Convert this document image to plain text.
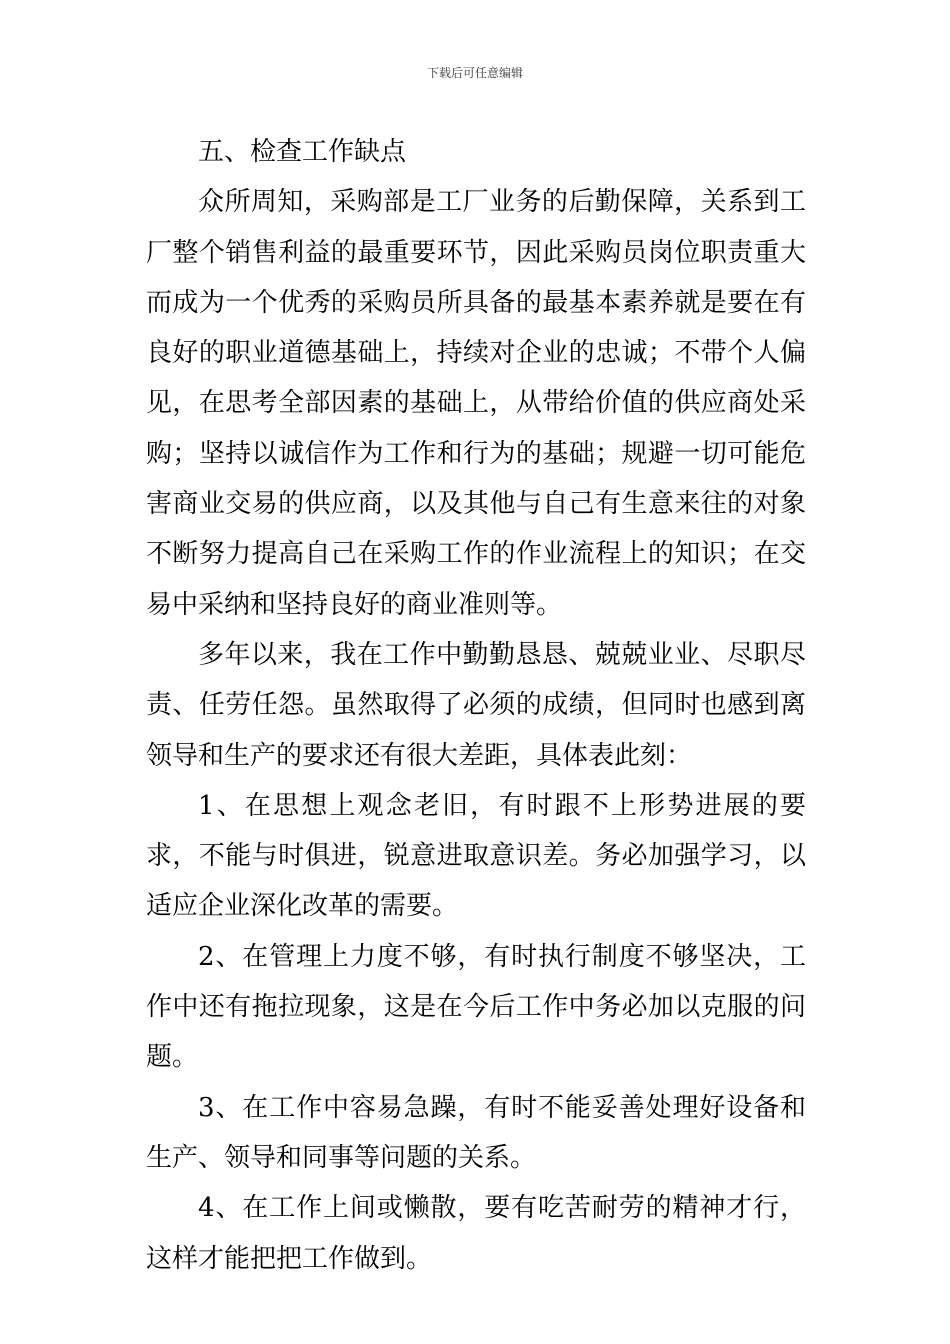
下载后可任意编辑

五、检查工作缺点

众所周知，采购部是工厂业务的后勤保障，关系到工厂整个销售利益的最重要环节，因此采购员岗位职责重大而成为一个优秀的采购员所具备的最基本素养就是要在有良好的职业道德基础上，持续对企业的忠诚；不带个人偏见，在思考全部因素的基础上，从带给价值的供应商处采购；坚持以诚信作为工作和行为的基础；规避一切可能危害商业交易的供应商，以及其他与自己有生意来往的对象不断努力提高自己在采购工作的作业流程上的知识；在交易中采纳和坚持良好的商业准则等。

多年以来，我在工作中勤勤恳恳、兢兢业业、尽职尽责、任劳任怨。虽然取得了必须的成绩，但同时也感到离领导和生产的要求还有很大差距，具体表此刻：

1、在思想上观念老旧，有时跟不上形势进展的要求，不能与时俱进，锐意进取意识差。务必加强学习，以适应企业深化改革的需要。

2、在管理上力度不够，有时执行制度不够坚决，工作中还有拖拉现象，这是在今后工作中务必加以克服的问题。

3、在工作中容易急躁，有时不能妥善处理好设备和生产、领导和同事等问题的关系。

4、在工作上间或懒散，要有吃苦耐劳的精神才行，这样才能把把工作做到。
